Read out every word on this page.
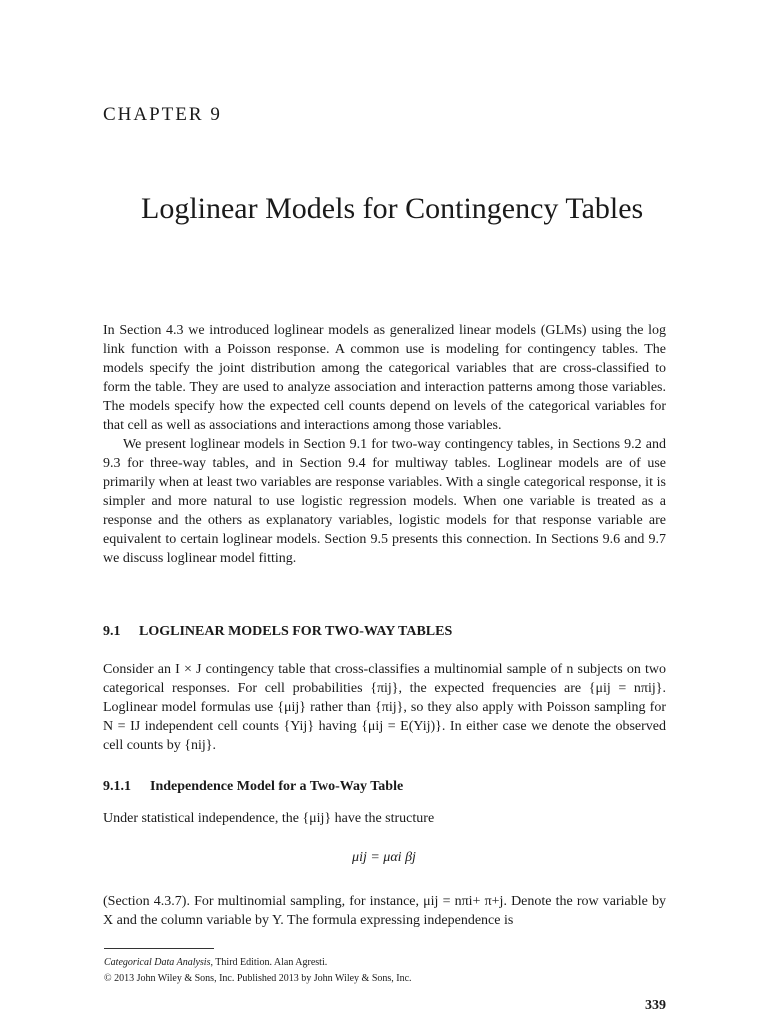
CHAPTER 9
Loglinear Models for Contingency Tables

In Section 4.3 we introduced loglinear models as generalized linear models (GLMs) using the log link function with a Poisson response. A common use is modeling for contingency tables. The models specify the joint distribution among the categorical variables that are cross-classified to form the table. They are used to analyze association and interaction patterns among those variables. The models specify how the expected cell counts depend on levels of the categorical variables for that cell as well as associations and interactions among those variables.

We present loglinear models in Section 9.1 for two-way contingency tables, in Sections 9.2 and 9.3 for three-way tables, and in Section 9.4 for multiway tables. Loglinear models are of use primarily when at least two variables are response variables. With a single categorical response, it is simpler and more natural to use logistic regression models. When one variable is treated as a response and the others as explanatory variables, logistic models for that response variable are equivalent to certain loglinear models. Section 9.5 presents this connection. In Sections 9.6 and 9.7 we discuss loglinear model fitting.

9.1 LOGLINEAR MODELS FOR TWO-WAY TABLES

Consider an I × J contingency table that cross-classifies a multinomial sample of n subjects on two categorical responses. For cell probabilities {πij}, the expected frequencies are {μij = nπij}. Loglinear model formulas use {μij} rather than {πij}, so they also apply with Poisson sampling for N = IJ independent cell counts {Yij} having {μij = E(Yij)}. In either case we denote the observed cell counts by {nij}.

9.1.1 Independence Model for a Two-Way Table

Under statistical independence, the {μij} have the structure

μij = μαi βj

(Section 4.3.7). For multinomial sampling, for instance, μij = nπi+ π+j. Denote the row variable by X and the column variable by Y. The formula expressing independence is

Categorical Data Analysis, Third Edition. Alan Agresti.
© 2013 John Wiley & Sons, Inc. Published 2013 by John Wiley & Sons, Inc.
339
